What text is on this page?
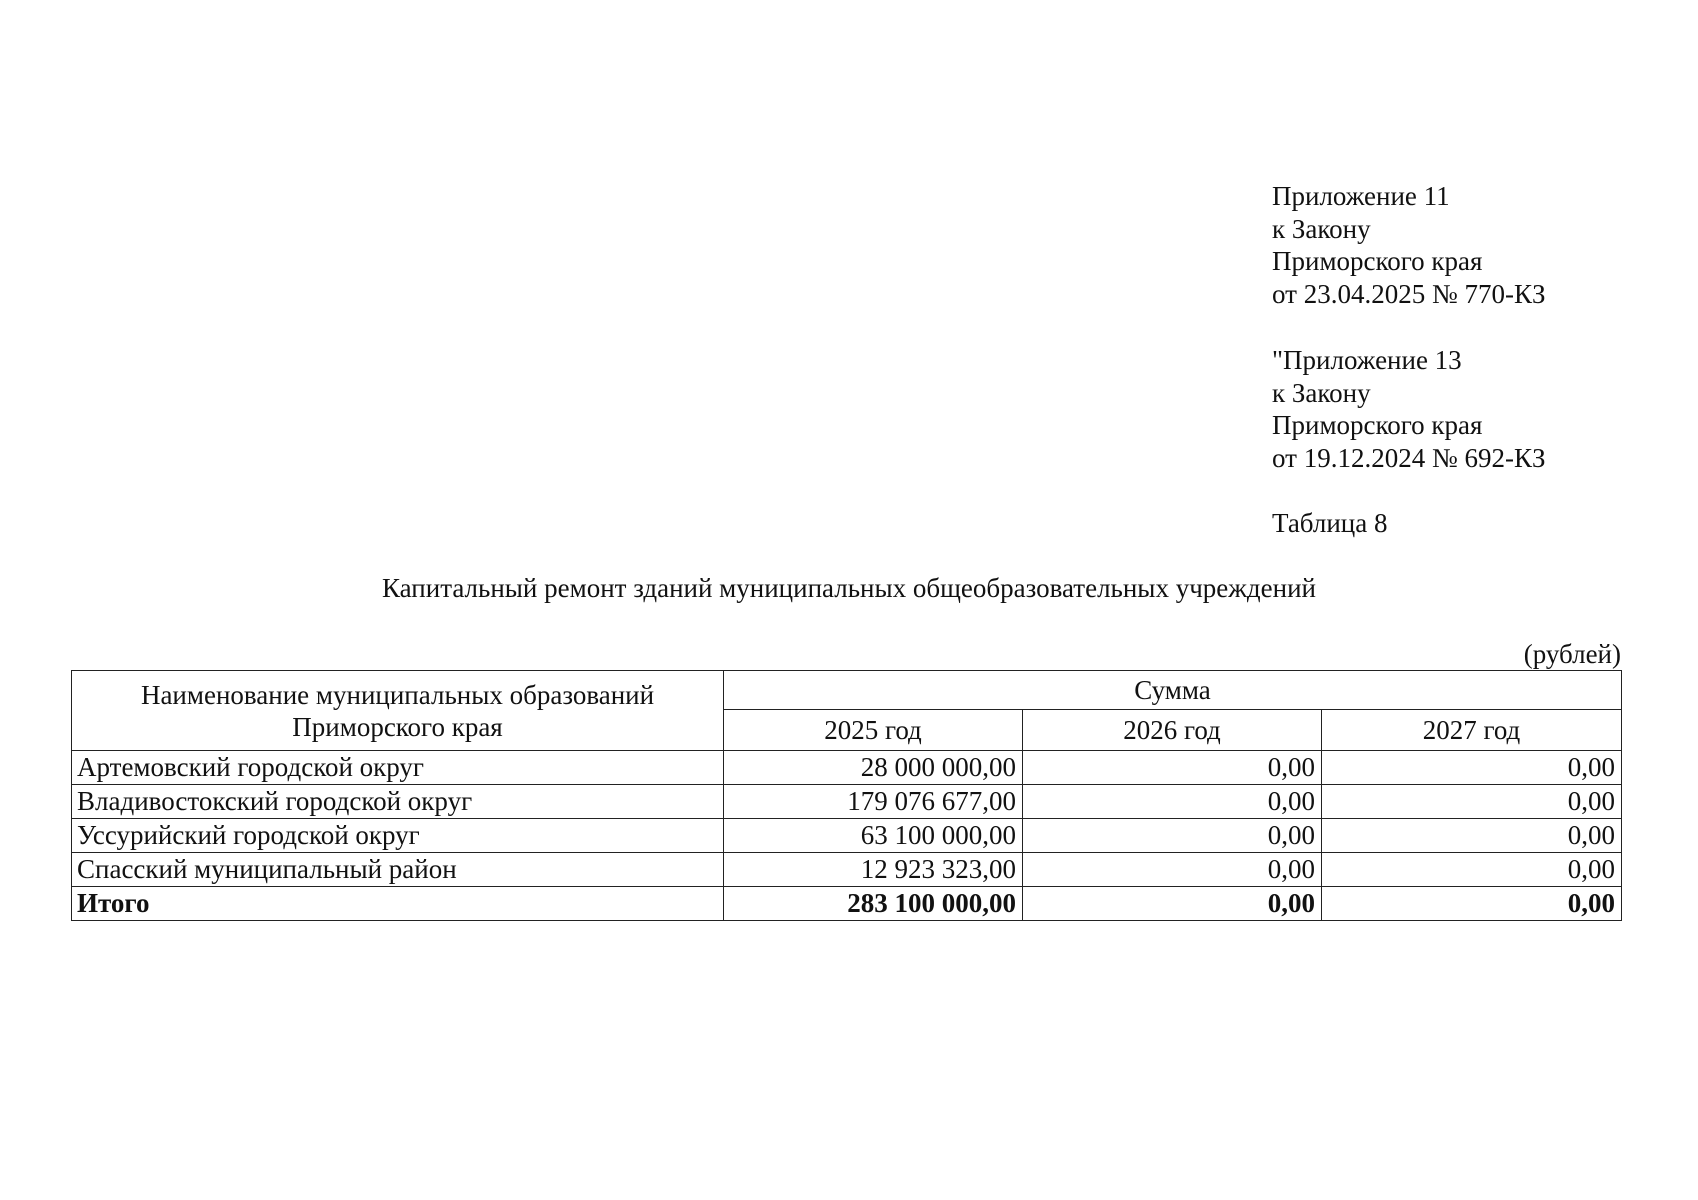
Приложение 11
к Закону
Приморского края
от 23.04.2025 № 770-КЗ
"Приложение 13
к Закону
Приморского края
от 19.12.2024 № 692-КЗ
Таблица 8
Капитальный ремонт зданий муниципальных общеобразовательных учреждений
(рублей)
Наименование муниципальных образований
Приморского края	Сумма		
	2025 год	2026 год	2027 год
Артемовский городской округ	28 000 000,00	0,00	0,00
Владивостокский городской округ	179 076 677,00	0,00	0,00
Уссурийский городской округ	63 100 000,00	0,00	0,00
Спасский муниципальный район	12 923 323,00	0,00	0,00
Итого	283 100 000,00	0,00	0,00
